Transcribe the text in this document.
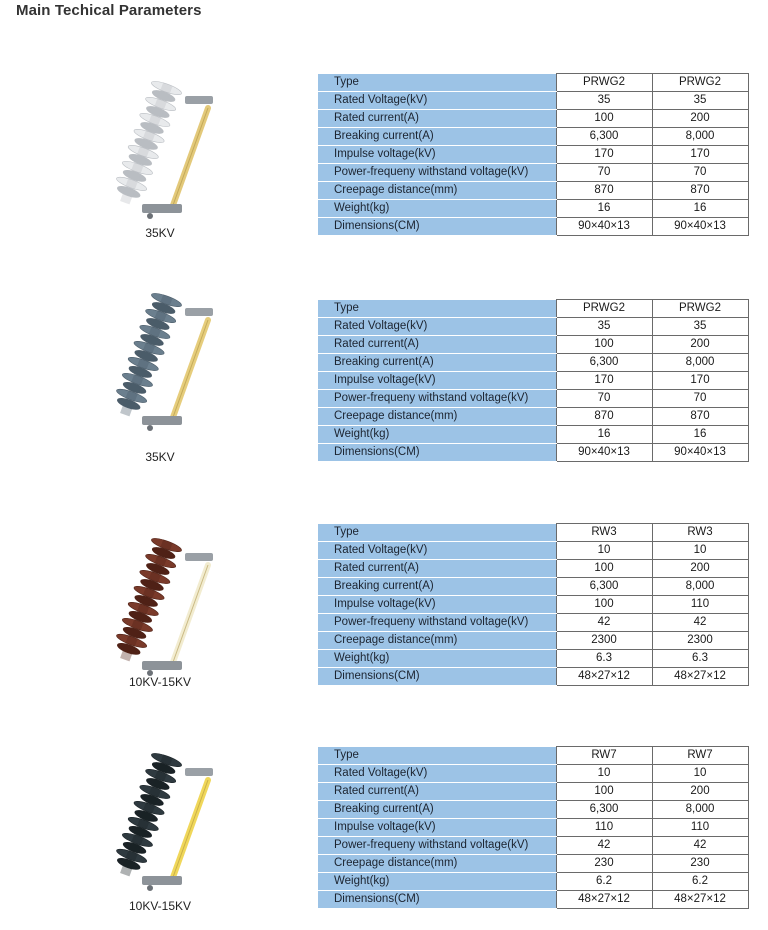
Main Techical Parameters
35KV
Type	PRWG2	PRWG2
Rated Voltage(kV)	35	35
Rated current(A)	100	200
Breaking current(A)	6,300	8,000
Impulse voltage(kV)	170	170
Power-frequeny withstand voltage(kV)	70	70
Creepage distance(mm)	870	870
Weight(kg)	16	16
Dimensions(CM)	90×40×13	90×40×13
35KV
Type	PRWG2	PRWG2
Rated Voltage(kV)	35	35
Rated current(A)	100	200
Breaking current(A)	6,300	8,000
Impulse voltage(kV)	170	170
Power-frequeny withstand voltage(kV)	70	70
Creepage distance(mm)	870	870
Weight(kg)	16	16
Dimensions(CM)	90×40×13	90×40×13
10KV-15KV
Type	RW3	RW3
Rated Voltage(kV)	10	10
Rated current(A)	100	200
Breaking current(A)	6,300	8,000
Impulse voltage(kV)	100	110
Power-frequeny withstand voltage(kV)	42	42
Creepage distance(mm)	2300	2300
Weight(kg)	6.3	6.3
Dimensions(CM)	48×27×12	48×27×12
10KV-15KV
Type	RW7	RW7
Rated Voltage(kV)	10	10
Rated current(A)	100	200
Breaking current(A)	6,300	8,000
Impulse voltage(kV)	110	110
Power-frequeny withstand voltage(kV)	42	42
Creepage distance(mm)	230	230
Weight(kg)	6.2	6.2
Dimensions(CM)	48×27×12	48×27×12
